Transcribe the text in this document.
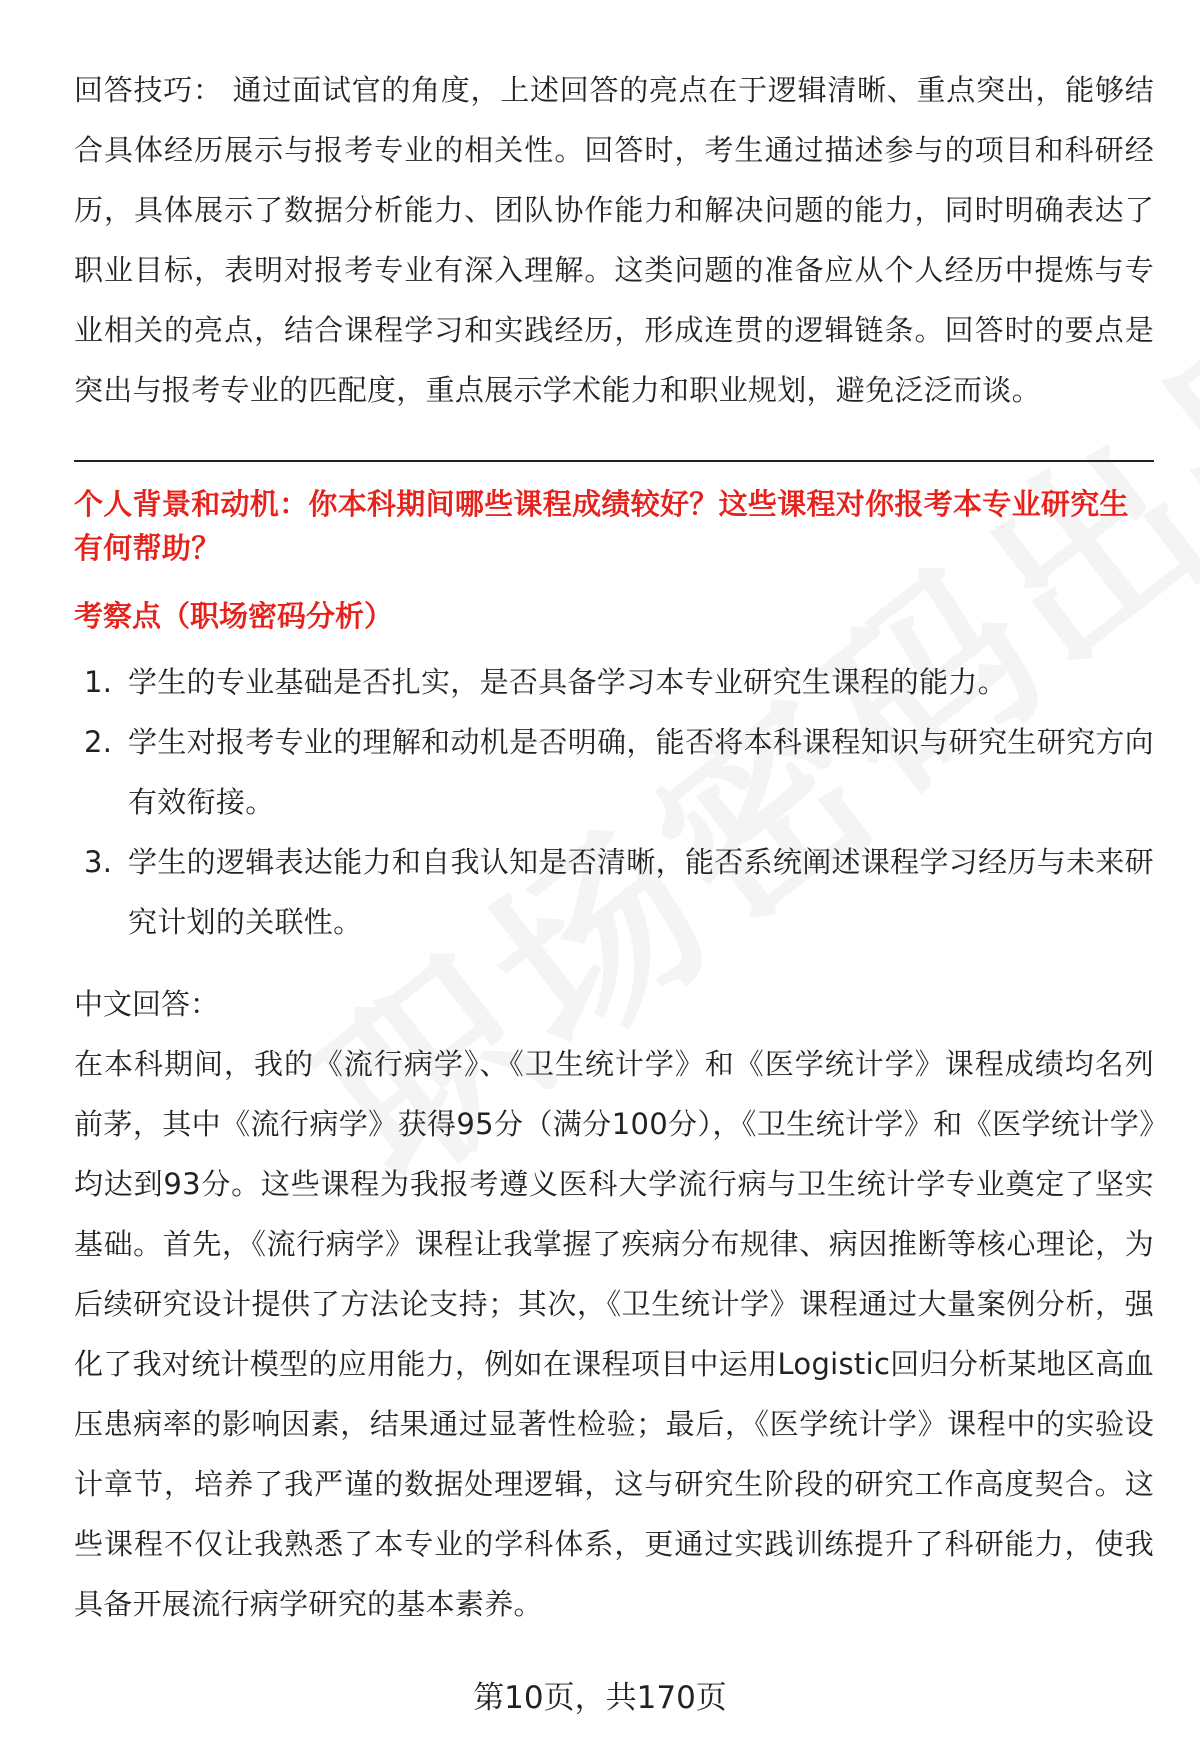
回答技巧： 通过面试官的角度，上述回答的亮点在于逻辑清晰、重点突出，能够结合具体经历展示与报考专业的相关性。回答时，考生通过描述参与的项目和科研经历，具体展示了数据分析能力、团队协作能力和解决问题的能力，同时明确表达了职业目标，表明对报考专业有深入理解。这类问题的准备应从个人经历中提炼与专业相关的亮点，结合课程学习和实践经历，形成连贯的逻辑链条。回答时的要点是突出与报考专业的匹配度，重点展示学术能力和职业规划，避免泛泛而谈。

个人背景和动机：你本科期间哪些课程成绩较好？这些课程对你报考本专业研究生有何帮助？

考察点（职场密码分析）

1. 学生的专业基础是否扎实，是否具备学习本专业研究生课程的能力。
2. 学生对报考专业的理解和动机是否明确，能否将本科课程知识与研究生研究方向有效衔接。
3. 学生的逻辑表达能力和自我认知是否清晰，能否系统阐述课程学习经历与未来研究计划的关联性。

中文回答：

在本科期间，我的《流行病学》、《卫生统计学》和《医学统计学》课程成绩均名列前茅，其中《流行病学》获得95分（满分100分），《卫生统计学》和《医学统计学》均达到93分。这些课程为我报考遵义医科大学流行病与卫生统计学专业奠定了坚实基础。首先，《流行病学》课程让我掌握了疾病分布规律、病因推断等核心理论，为后续研究设计提供了方法论支持；其次，《卫生统计学》课程通过大量案例分析，强化了我对统计模型的应用能力，例如在课程项目中运用Logistic回归分析某地区高血压患病率的影响因素，结果通过显著性检验；最后，《医学统计学》课程中的实验设计章节，培养了我严谨的数据处理逻辑，这与研究生阶段的研究工作高度契合。这些课程不仅让我熟悉了本专业的学科体系，更通过实践训练提升了科研能力，使我具备开展流行病学研究的基本素养。

第10页，共170页
